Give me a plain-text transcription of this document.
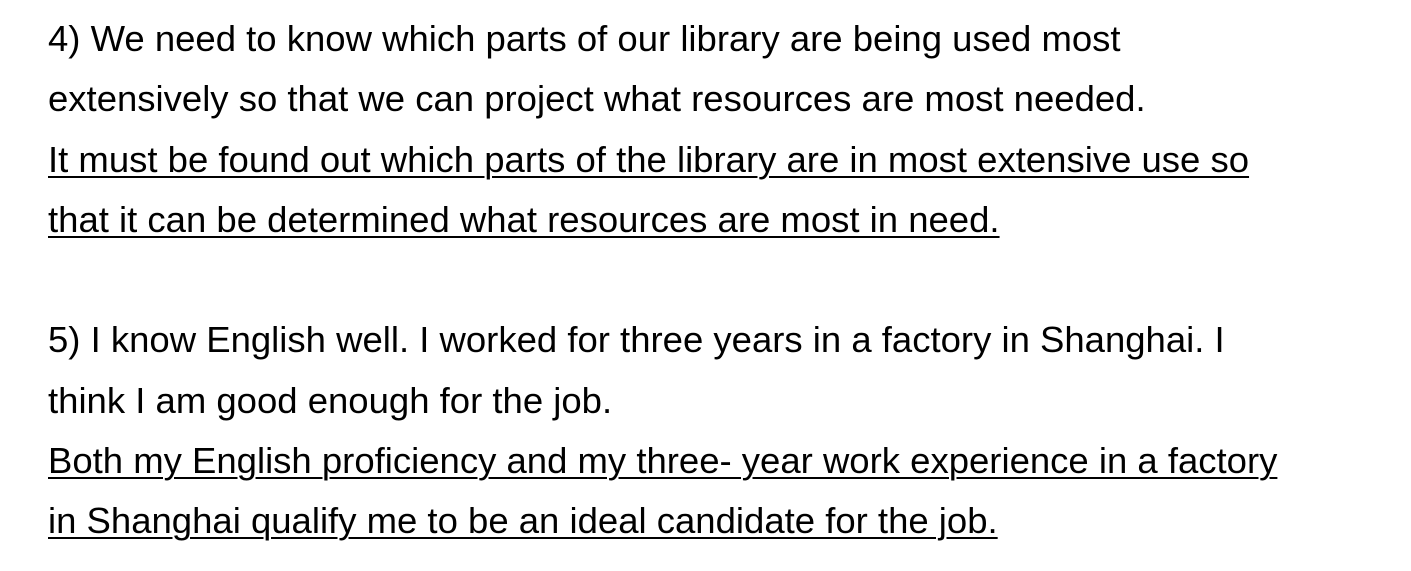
4) We need to know which parts of our library are being used most
extensively so that we can project what resources are most needed.
It must be found out which parts of the library are in most extensive use so
that it can be determined what resources are most in need.
5) I know English well. I worked for three years in a factory in Shanghai. I
think I am good enough for the job.
Both my English proficiency and my three- year work experience in a factory
in Shanghai qualify me to be an ideal candidate for the job.
